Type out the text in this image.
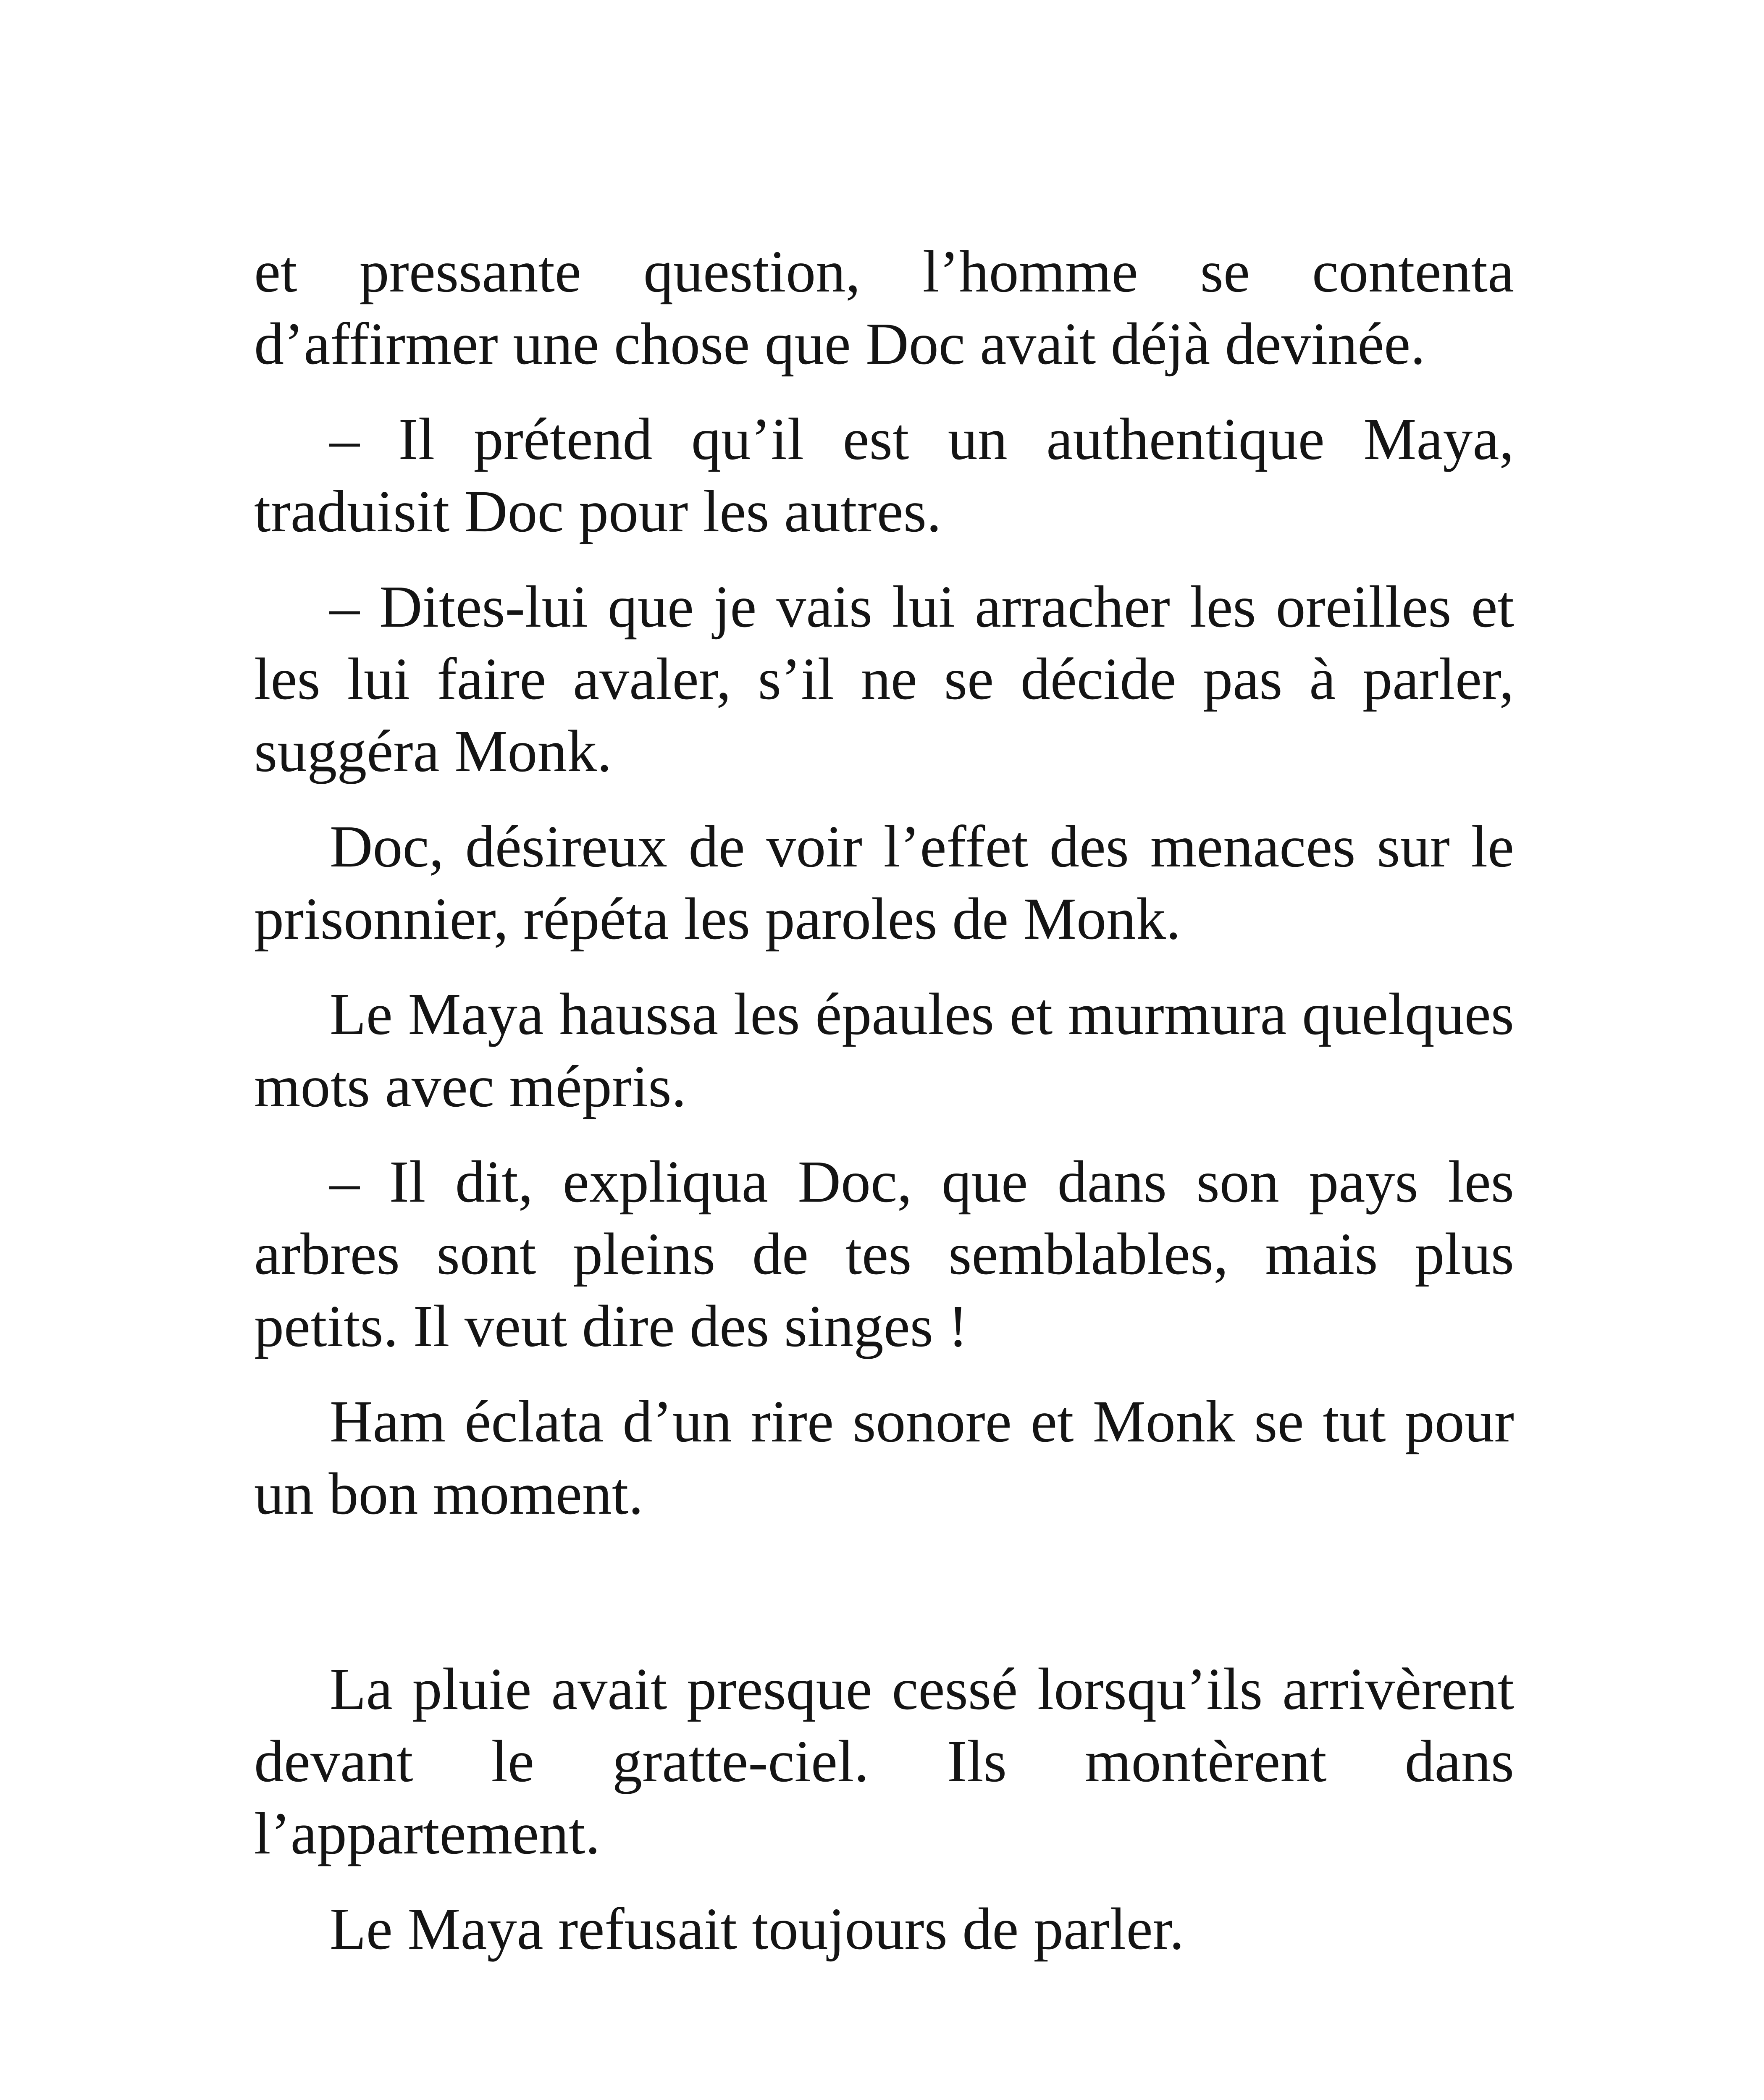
et pressante question, l’homme se contenta d’affirmer une chose que Doc avait déjà devinée.

– Il prétend qu’il est un authentique Maya, traduisit Doc pour les autres.

– Dites-lui que je vais lui arracher les oreilles et les lui faire avaler, s’il ne se décide pas à parler, suggéra Monk.

Doc, désireux de voir l’effet des menaces sur le prisonnier, répéta les paroles de Monk.

Le Maya haussa les épaules et murmura quelques mots avec mépris.

– Il dit, expliqua Doc, que dans son pays les arbres sont pleins de tes semblables, mais plus petits. Il veut dire des singes !

Ham éclata d’un rire sonore et Monk se tut pour un bon moment.

La pluie avait presque cessé lorsqu’ils arrivèrent devant le gratte-ciel. Ils montèrent dans l’appartement.

Le Maya refusait toujours de parler.
